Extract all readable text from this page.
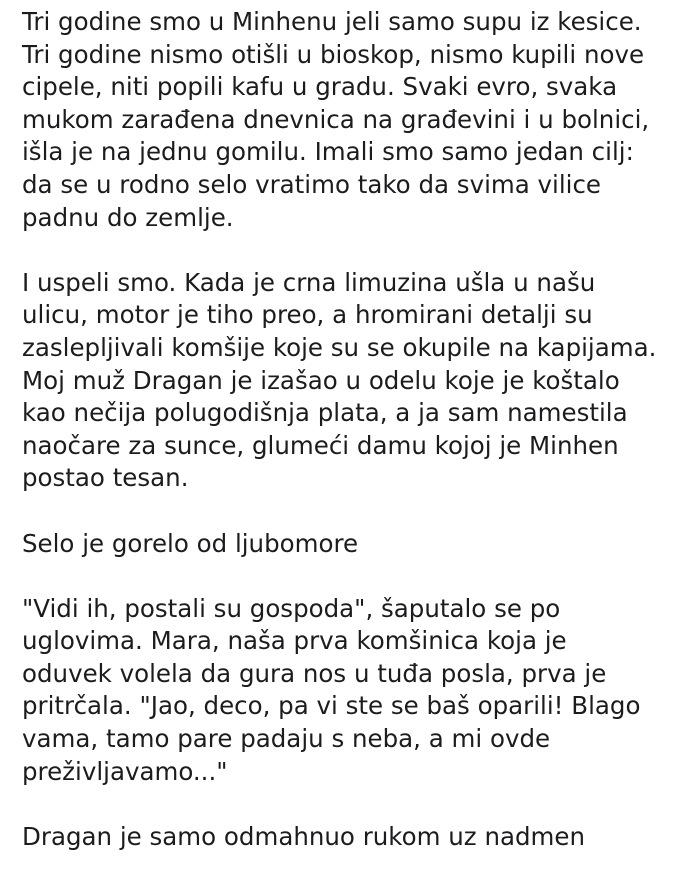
Tri godine smo u Minhenu jeli samo supu iz kesice.
Tri godine nismo otišli u bioskop, nismo kupili nove
cipele, niti popili kafu u gradu. Svaki evro, svaka
mukom zarađena dnevnica na građevini i u bolnici,
išla je na jednu gomilu. Imali smo samo jedan cilj:
da se u rodno selo vratimo tako da svima vilice
padnu do zemlje.
I uspeli smo. Kada je crna limuzina ušla u našu
ulicu, motor je tiho preo, a hromirani detalji su
zaslepljivali komšije koje su se okupile na kapijama.
Moj muž Dragan je izašao u odelu koje je koštalo
kao nečija polugodišnja plata, a ja sam namestila
naočare za sunce, glumeći damu kojoj je Minhen
postao tesan.
Selo je gorelo od ljubomore
"Vidi ih, postali su gospoda", šaputalo se po
uglovima. Mara, naša prva komšinica koja je
oduvek volela da gura nos u tuđa posla, prva je
pritrčala. "Jao, deco, pa vi ste se baš oparili! Blago
vama, tamo pare padaju s neba, a mi ovde
preživljavamo..."
Dragan je samo odmahnuo rukom uz nadmen
